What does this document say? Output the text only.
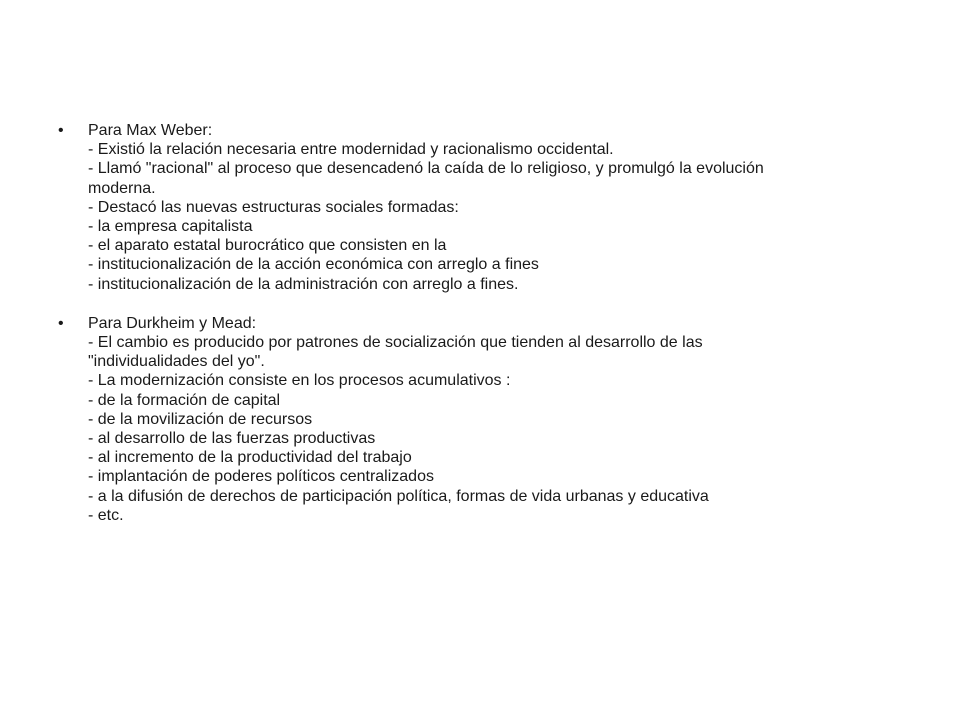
• Para Max Weber:
- Existió la relación necesaria entre modernidad y racionalismo occidental.
- Llamó "racional" al proceso que desencadenó la caída de lo religioso, y promulgó la evolución
moderna.
- Destacó las nuevas estructuras sociales formadas:
- la empresa capitalista
- el aparato estatal burocrático que consisten en la
- institucionalización de la acción económica con arreglo a fines
- institucionalización de la administración con arreglo a fines.
• Para Durkheim y Mead:
- El cambio es producido por patrones de socialización que tienden al desarrollo de las
"individualidades del yo".
- La modernización consiste en los procesos acumulativos :
- de la formación de capital
- de la movilización de recursos
- al desarrollo de las fuerzas productivas
- al incremento de la productividad del trabajo
- implantación de poderes políticos centralizados
- a la difusión de derechos de participación política, formas de vida urbanas y educativa
- etc.
